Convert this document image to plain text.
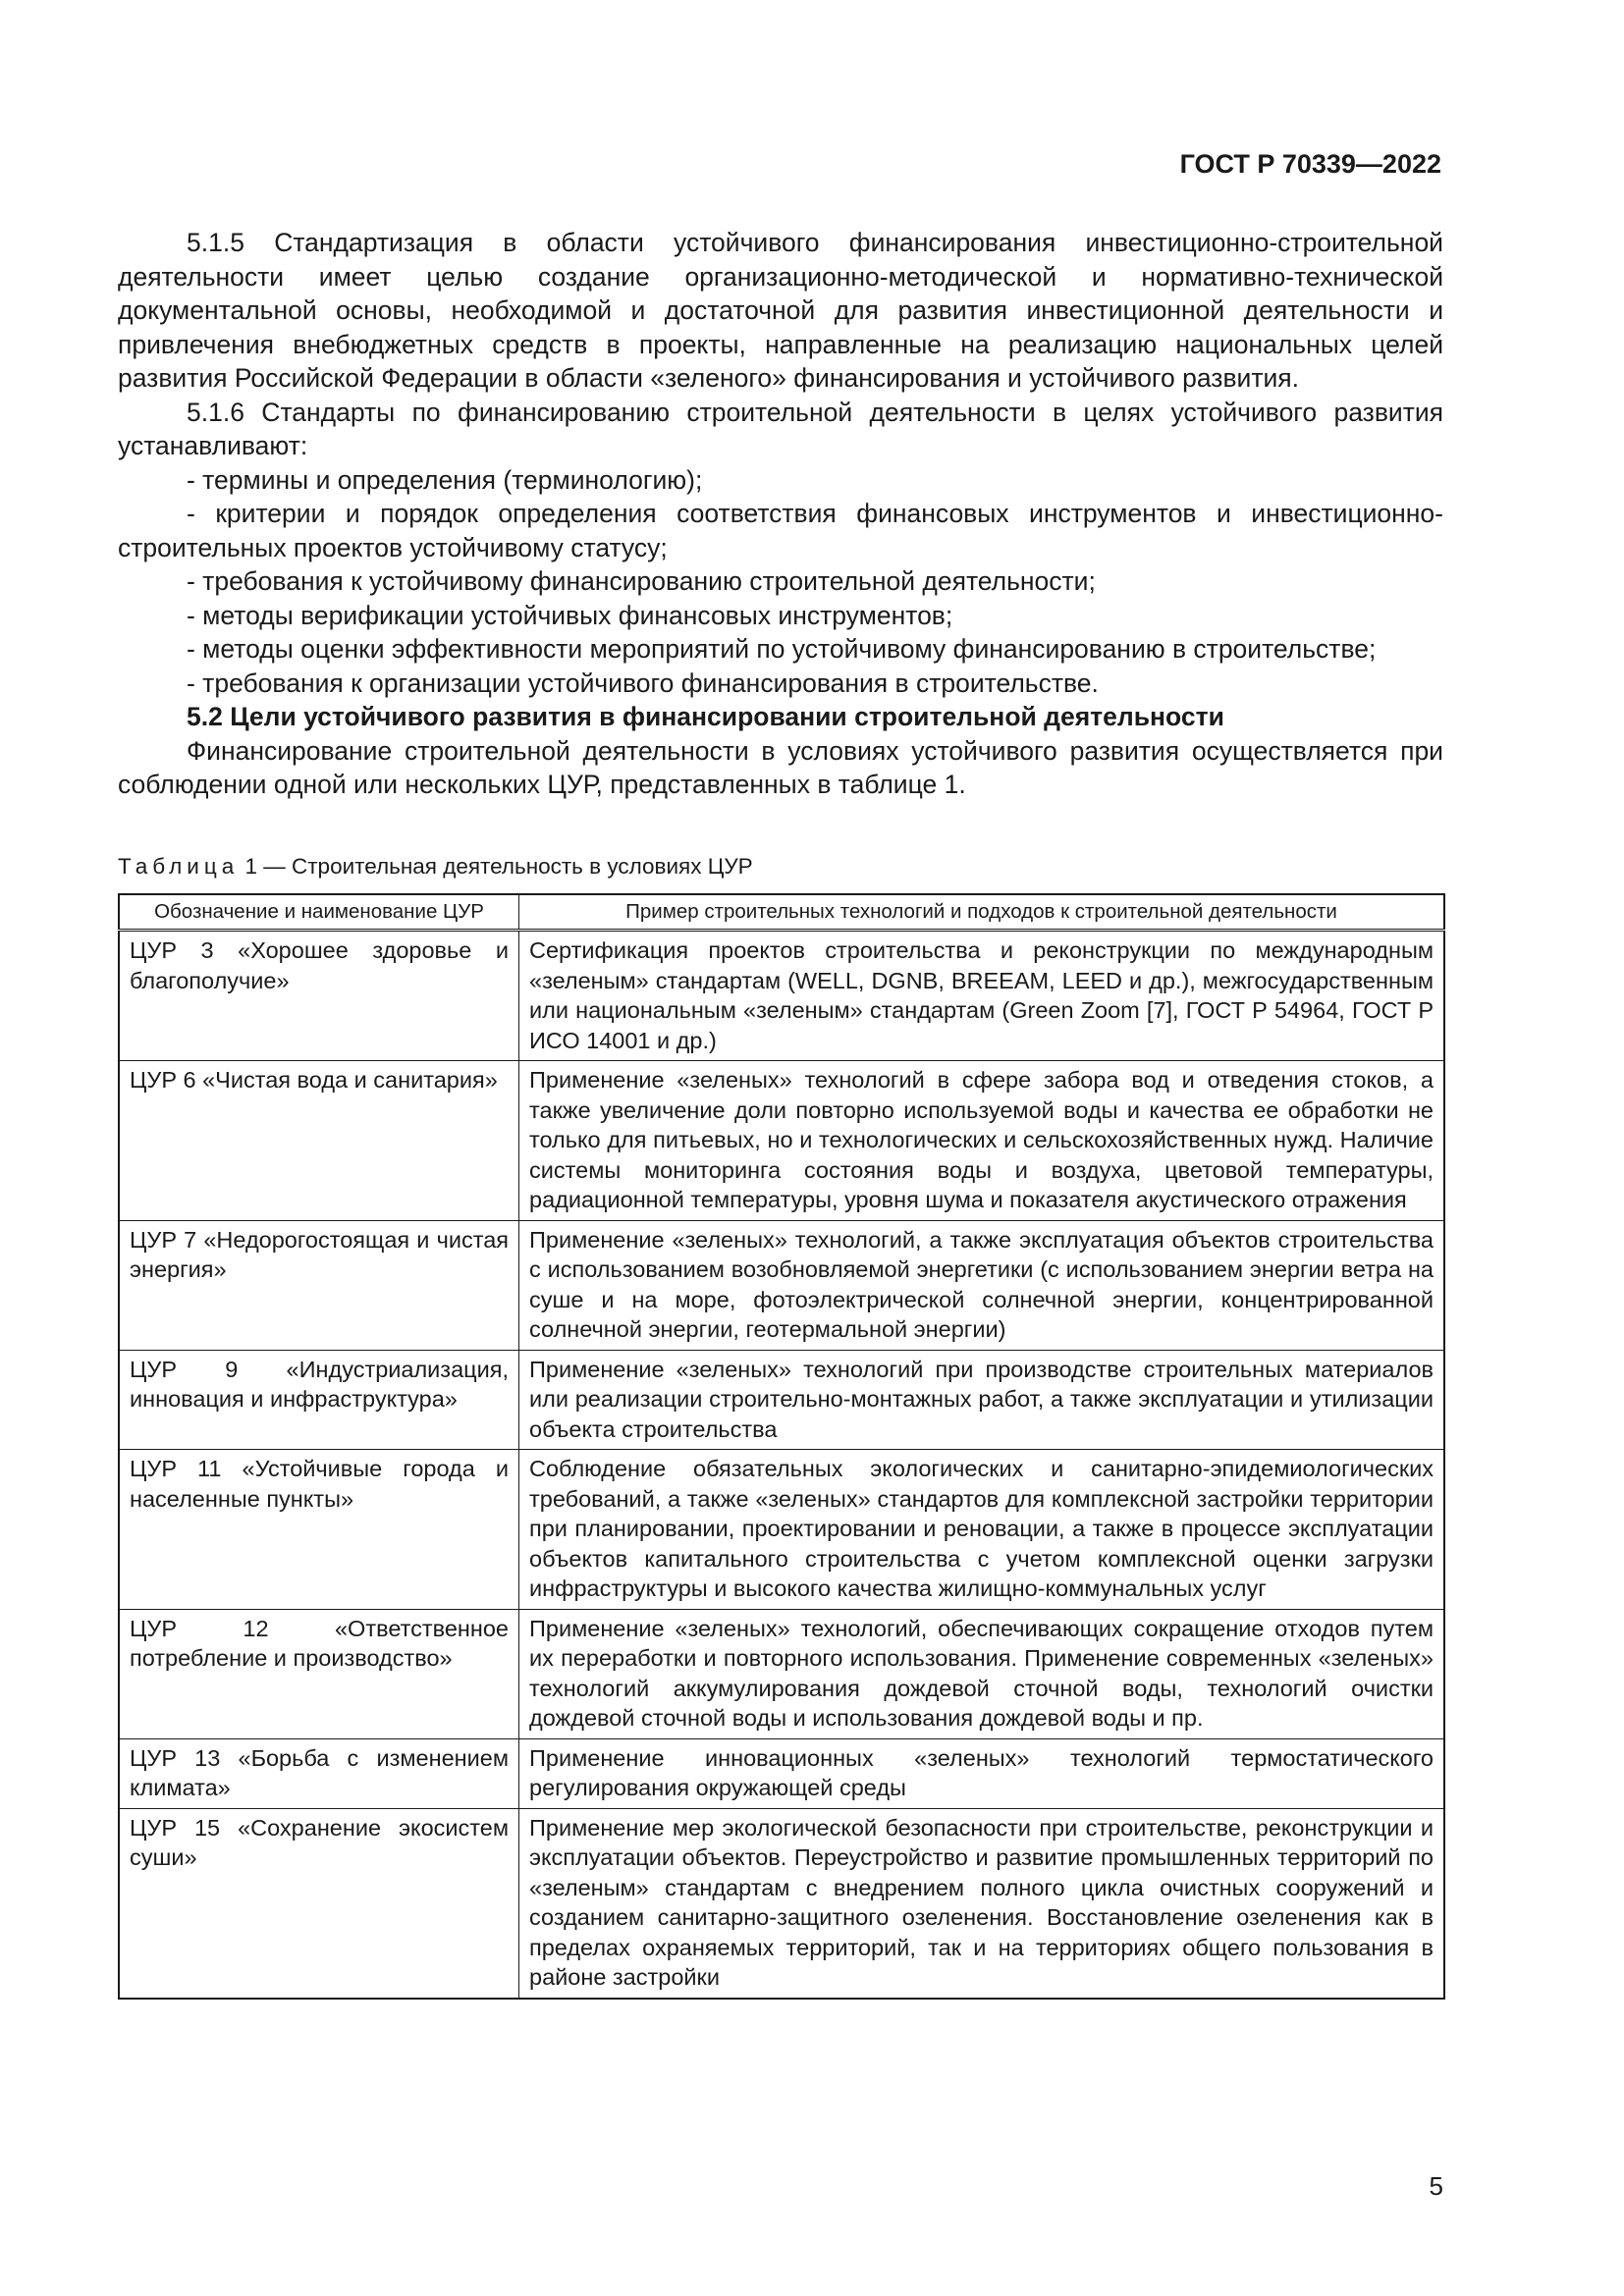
ГОСТ Р 70339—2022

5.1.5 Стандартизация в области устойчивого финансирования инвестиционно-строительной деятельности имеет целью создание организационно-методической и нормативно-технической документальной основы, необходимой и достаточной для развития инвестиционной деятельности и привлечения внебюджетных средств в проекты, направленные на реализацию национальных целей развития Российской Федерации в области «зеленого» финансирования и устойчивого развития.

5.1.6 Стандарты по финансированию строительной деятельности в целях устойчивого развития устанавливают:

- термины и определения (терминологию);
- критерии и порядок определения соответствия финансовых инструментов и инвестиционно-строительных проектов устойчивому статусу;
- требования к устойчивому финансированию строительной деятельности;
- методы верификации устойчивых финансовых инструментов;
- методы оценки эффективности мероприятий по устойчивому финансированию в строительстве;
- требования к организации устойчивого финансирования в строительстве.

5.2 Цели устойчивого развития в финансировании строительной деятельности

Финансирование строительной деятельности в условиях устойчивого развития осуществляется при соблюдении одной или нескольких ЦУР, представленных в таблице 1.

Таблица 1 — Строительная деятельность в условиях ЦУР
Обозначение и наименование ЦУР	Пример строительных технологий и подходов к строительной деятельности
ЦУР 3 «Хорошее здоровье и благополучие»	Сертификация проектов строительства и реконструкции по международным «зеленым» стандартам (WELL, DGNB, BREEAM, LEED и др.), межгосударственным или национальным «зеленым» стандартам (Green Zoom [7], ГОСТ Р 54964, ГОСТ Р ИСО 14001 и др.)
ЦУР 6 «Чистая вода и санитария»	Применение «зеленых» технологий в сфере забора вод и отведения стоков, а также увеличение доли повторно используемой воды и качества ее обработки не только для питьевых, но и технологических и сельскохозяйственных нужд. Наличие системы мониторинга состояния воды и воздуха, цветовой температуры, радиационной температуры, уровня шума и показателя акустического отражения
ЦУР 7 «Недорогостоящая и чистая энергия»	Применение «зеленых» технологий, а также эксплуатация объектов строительства с использованием возобновляемой энергетики (с использованием энергии ветра на суше и на море, фотоэлектрической солнечной энергии, концентрированной солнечной энергии, геотермальной энергии)
ЦУР 9 «Индустриализация, инновация и инфраструктура»	Применение «зеленых» технологий при производстве строительных материалов или реализации строительно-монтажных работ, а также эксплуатации и утилизации объекта строительства
ЦУР 11 «Устойчивые города и населенные пункты»	Соблюдение обязательных экологических и санитарно-эпидемиологических требований, а также «зеленых» стандартов для комплексной застройки территории при планировании, проектировании и реновации, а также в процессе эксплуатации объектов капитального строительства с учетом комплексной оценки загрузки инфраструктуры и высокого качества жилищно-коммунальных услуг
ЦУР 12 «Ответственное потребление и производство»	Применение «зеленых» технологий, обеспечивающих сокращение отходов путем их переработки и повторного использования. Применение современных «зеленых» технологий аккумулирования дождевой сточной воды, технологий очистки дождевой сточной воды и использования дождевой воды и пр.
ЦУР 13 «Борьба с изменением климата»	Применение инновационных «зеленых» технологий термостатического регулирования окружающей среды
ЦУР 15 «Сохранение экосистем суши»	Применение мер экологической безопасности при строительстве, реконструкции и эксплуатации объектов. Переустройство и развитие промышленных территорий по «зеленым» стандартам с внедрением полного цикла очистных сооружений и созданием санитарно-защитного озеленения. Восстановление озеленения как в пределах охраняемых территорий, так и на территориях общего пользования в районе застройки
5
